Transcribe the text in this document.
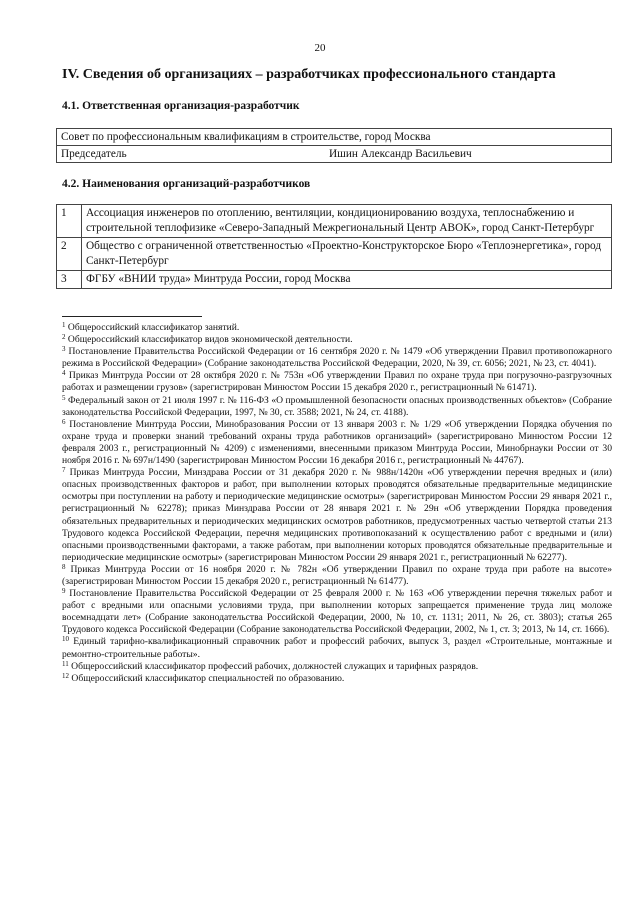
20
IV. Сведения об организациях – разработчиках профессионального стандарта
4.1. Ответственная организация-разработчик
Совет по профессиональным квалификациям в строительстве, город Москва
Председатель	Ишин Александр Васильевич
4.2. Наименования организаций-разработчиков
1	Ассоциация инженеров по отоплению, вентиляции, кондиционированию воздуха, теплоснабжению и строительной теплофизике «Северо-Западный Межрегиональный Центр АВОК», город Санкт-Петербург
2	Общество с ограниченной ответственностью «Проектно-Конструкторское Бюро «Теплоэнергетика», город Санкт-Петербург
3	ФГБУ «ВНИИ труда» Минтруда России, город Москва

$^1$ Общероссийский классификатор занятий.

$^2$ Общероссийский классификатор видов экономической деятельности.

$^3$ Постановление Правительства Российской Федерации от 16 сентября 2020 г. № 1479 «Об утверждении Правил противопожарного режима в Российской Федерации» (Собрание законодательства Российской Федерации, 2020, № 39, ст. 6056; 2021, № 23, ст. 4041).

$^4$ Приказ Минтруда России от 28 октября 2020 г. № 753н «Об утверждении Правил по охране труда при погрузочно-разгрузочных работах и размещении грузов» (зарегистрирован Минюстом России 15 декабря 2020 г., регистрационный № 61471).

$^5$ Федеральный закон от 21 июля 1997 г. № 116-ФЗ «О промышленной безопасности опасных производственных объектов» (Собрание законодательства Российской Федерации, 1997, № 30, ст. 3588; 2021, № 24, ст. 4188).

$^6$ Постановление Минтруда России, Минобразования России от 13 января 2003 г. № 1/29 «Об утверждении Порядка обучения по охране труда и проверки знаний требований охраны труда работников организаций» (зарегистрировано Минюстом России 12 февраля 2003 г., регистрационный № 4209) с изменениями, внесенными приказом Минтруда России, Минобрнауки России от 30 ноября 2016 г. № 697н/1490 (зарегистрирован Минюстом России 16 декабря 2016 г., регистрационный № 44767).

$^7$ Приказ Минтруда России, Минздрава России от 31 декабря 2020 г. № 988н/1420н «Об утверждении перечня вредных и (или) опасных производственных факторов и работ, при выполнении которых проводятся обязательные предварительные медицинские осмотры при поступлении на работу и периодические медицинские осмотры» (зарегистрирован Минюстом России 29 января 2021 г., регистрационный № 62278); приказ Минздрава России от 28 января 2021 г. № 29н «Об утверждении Порядка проведения обязательных предварительных и периодических медицинских осмотров работников, предусмотренных частью четвертой статьи 213 Трудового кодекса Российской Федерации, перечня медицинских противопоказаний к осуществлению работ с вредными и (или) опасными производственными факторами, а также работам, при выполнении которых проводятся обязательные предварительные и периодические медицинские осмотры» (зарегистрирован Минюстом России 29 января 2021 г., регистрационный № 62277).

$^8$ Приказ Минтруда России от 16 ноября 2020 г. № 782н «Об утверждении Правил по охране труда при работе на высоте» (зарегистрирован Минюстом России 15 декабря 2020 г., регистрационный № 61477).

$^9$ Постановление Правительства Российской Федерации от 25 февраля 2000 г. № 163 «Об утверждении перечня тяжелых работ и работ с вредными или опасными условиями труда, при выполнении которых запрещается применение труда лиц моложе восемнадцати лет» (Собрание законодательства Российской Федерации, 2000, № 10, ст. 1131; 2011, № 26, ст. 3803); статья 265 Трудового кодекса Российской Федерации (Собрание законодательства Российской Федерации, 2002, № 1, ст. 3; 2013, № 14, ст. 1666).

$^{10}$ Единый тарифно-квалификационный справочник работ и профессий рабочих, выпуск 3, раздел «Строительные, монтажные и ремонтно-строительные работы».

$^{11}$ Общероссийский классификатор профессий рабочих, должностей служащих и тарифных разрядов.

$^{12}$ Общероссийский классификатор специальностей по образованию.
